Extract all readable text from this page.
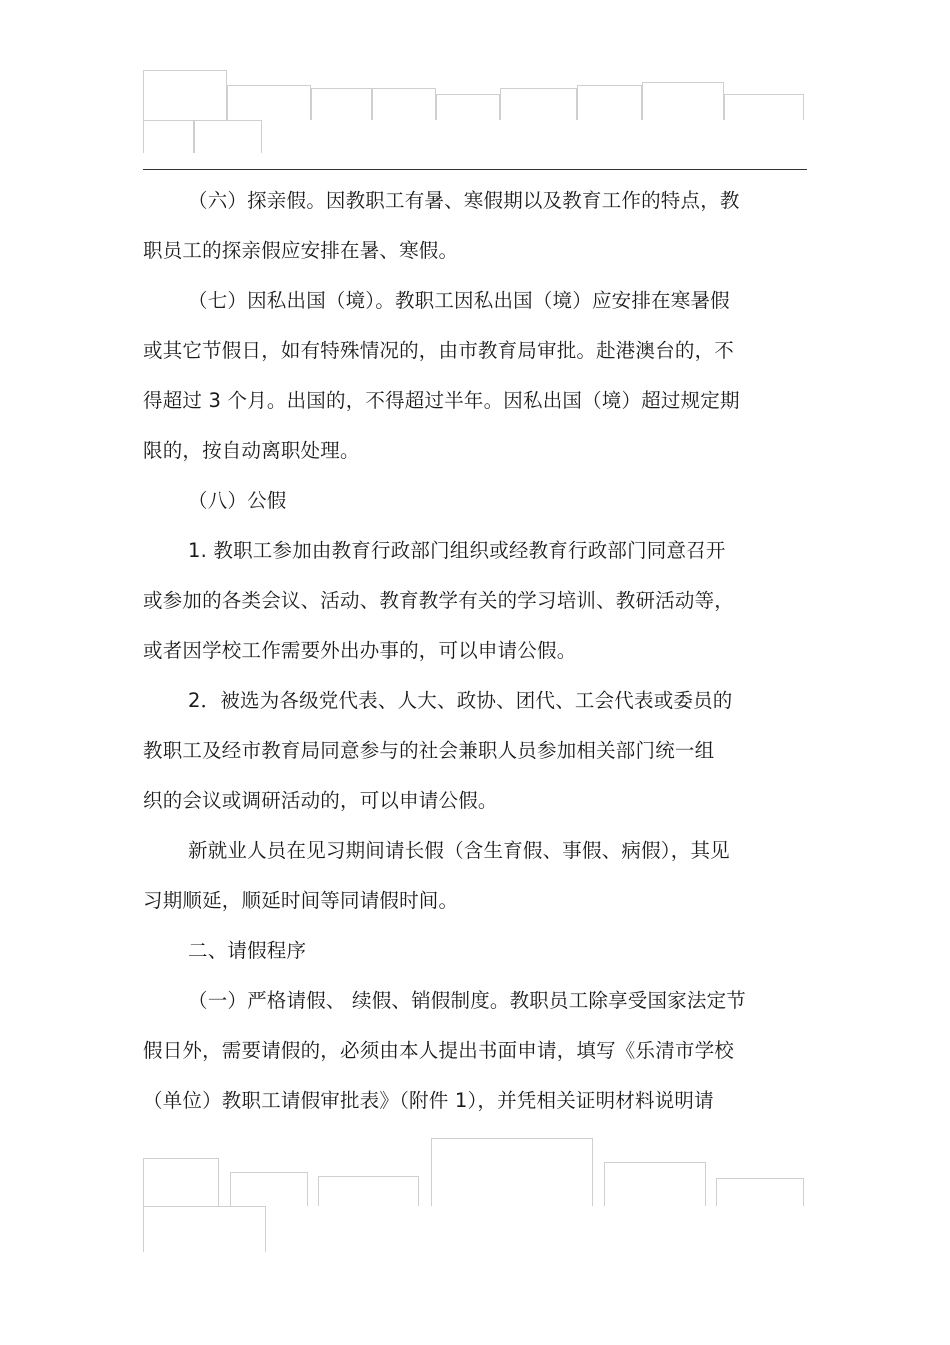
（六）探亲假。因教职工有暑、寒假期以及教育工作的特点，教
职员工的探亲假应安排在暑、寒假。
（七）因私出国（境）。教职工因私出国（境）应安排在寒暑假
或其它节假日，如有特殊情况的，由市教育局审批。赴港澳台的，不
得超过 3 个月。出国的，不得超过半年。因私出国（境）超过规定期
限的，按自动离职处理。
（八）公假
1. 教职工参加由教育行政部门组织或经教育行政部门同意召开
或参加的各类会议、活动、教育教学有关的学习培训、教研活动等，
或者因学校工作需要外出办事的，可以申请公假。
2．被选为各级党代表、人大、政协、团代、工会代表或委员的
教职工及经市教育局同意参与的社会兼职人员参加相关部门统一组
织的会议或调研活动的，可以申请公假。
新就业人员在见习期间请长假（含生育假、事假、病假），其见
习期顺延，顺延时间等同请假时间。
二、请假程序
（一）严格请假、 续假、销假制度。教职员工除享受国家法定节
假日外，需要请假的，必须由本人提出书面申请，填写《乐清市学校
（单位）教职工请假审批表》（附件 1），并凭相关证明材料说明请
